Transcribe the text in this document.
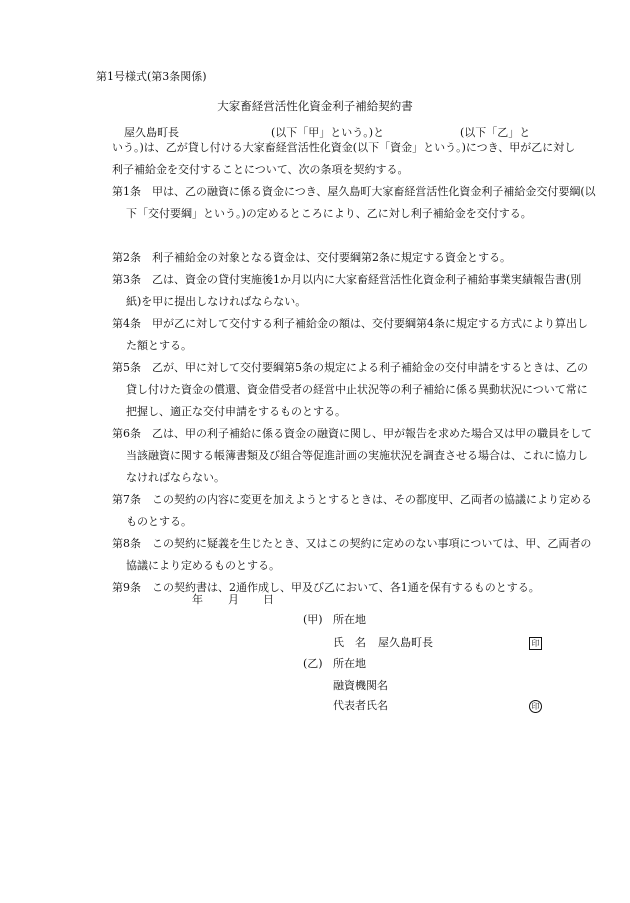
第1号様式(第3条関係)
大家畜経営活性化資金利子補給契約書
屋久島町長	(以下「甲」という。)と	(以下「乙」と
いう。)は、乙が貸し付ける大家畜経営活性化資金(以下「資金」という。)につき、甲が乙に対し利子補給金を交付することについて、次の条項を契約する。
第1条　 甲は、乙の融資に係る資金につき、屋久島町大家畜経営活性化資金利子補給金交付要綱(以下「交付要綱」という。)の定めるところにより、乙に対し利子補給金を交付する。
第2条　 利子補給金の対象となる資金は、交付要綱第2条に規定する資金とする。
第3条　 乙は、資金の貸付実施後1か月以内に大家畜経営活性化資金利子補給事業実績報告書(別紙)を甲に提出しなければならない。
第4条　 甲が乙に対して交付する利子補給金の額は、交付要綱第4条に規定する方式により算出した額とする。
第5条　 乙が、甲に対して交付要綱第5条の規定による利子補給金の交付申請をするときは、乙の貸し付けた資金の償還、資金借受者の経営中止状況等の利子補給に係る異動状況について常に把握し、適正な交付申請をするものとする。
第6条　 乙は、甲の利子補給に係る資金の融資に関し、甲が報告を求めた場合又は甲の職員をして当該融資に関する帳簿書類及び組合等促進計画の実施状況を調査させる場合は、これに協力しなければならない。
第7条　 この契約の内容に変更を加えようとするときは、その都度甲、乙両者の協議により定めるものとする。
第8条　 この契約に疑義を生じたとき、又はこの契約に定めのない事項については、甲、乙両者の協議により定めるものとする。
第9条　 この契約書は、2通作成し、甲及び乙において、各1通を保有するものとする。
年 月 日
(甲) 所在地
氏　名 屋久島町長	印
(乙) 所在地
融資機関名
代表者氏名	印
